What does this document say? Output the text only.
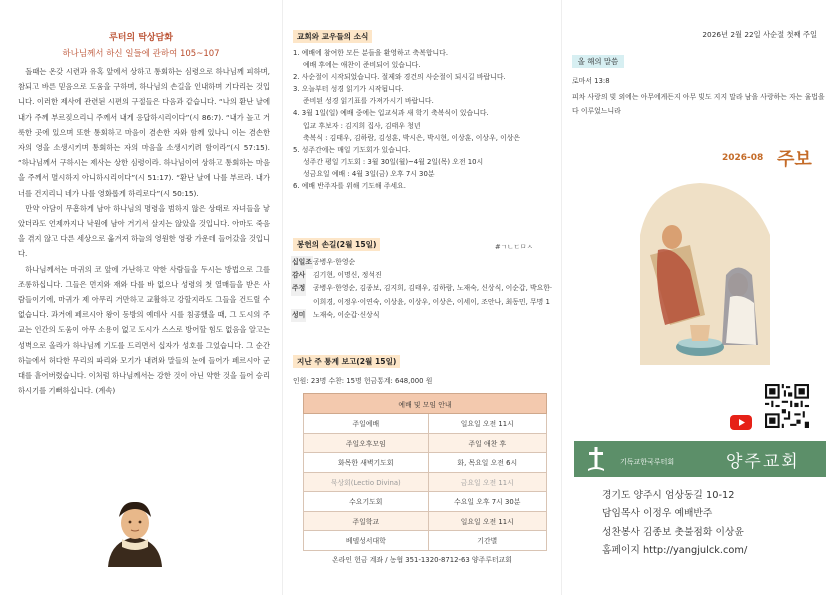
루터의 탁상담화
하나님께서 하신 일들에 관하여 105~107

돌때는 온갖 시련과 유혹 앞에서 상하고 통회하는 심령으로 하나님께 피하며, 참되고 바른 믿음으로 도움을 구하며, 하나님의 손길을 인내하며 기다리는 것입니다. 이러한 제사에 관련된 시편의 구절들은 다음과 같습니다. “나의 환난 날에 내가 주께 부르짖으리니 주께서 내게 응답하시리이다”(시 86:7). “내가 높고 거룩한 곳에 있으며 또한 통회하고 마음이 겸손한 자와 함께 있나니 이는 겸손한 자의 영을 소생시키며 통회하는 자의 마음을 소생시키려 함이라”(시 57:15). “하나님께서 구하시는 제사는 상한 심령이라. 하나님이여 상하고 통회하는 마음을 주께서 멸시하지 아니하시리이다”(시 51:17). “환난 날에 나를 부르라. 내가 너를 건지리니 네가 나를 영화롭게 하리로다”(시 50:15).

만약 아담이 무흠하게 남아 하나님의 명령을 범하지 않은 상태로 자녀들을 낳았더라도 언제까지나 낙원에 남아 거기서 살지는 않았을 것입니다. 아마도 죽음을 겪지 않고 다른 세상으로 옮겨져 하늘의 영원한 영광 가운데 들어갔을 것입니다.

하나님께서는 마귀의 코 앞에 가난하고 약한 사람들을 두시는 방법으로 그를 조롱하십니다. 그들은 먼지와 재와 다를 바 없으나 성령의 첫 열매들을 받은 사람들이기에, 마귀가 제 아무리 거만하고 교활하고 강할지라도 그들을 건드릴 수 없습니다. 과거에 페르시아 왕이 동방의 예데사 시를 침공했을 때, 그 도시의 주교는 인간의 도움이 아무 소용이 없고 도시가 스스로 방어할 힘도 없음을 알고는 성벽으로 올라가 하나님께 기도를 드리면서 십자가 성호를 그었습니다. 그 순간 하늘에서 허다한 무리의 파리와 모기가 내려와 말들의 눈에 들어가 페르시아 군대를 흩어버렸습니다. 이처럼 하나님께서는 강한 것이 아닌 약한 것을 들어 승리하시기를 기뻐하십니다. (계속)

교회와 교우들의 소식
1. 예배에 참여한 모든 분들을 환영하고 축복합니다.
예배 후에는 애찬이 준비되어 있습니다.
2. 사순절이 시작되었습니다. 절제와 경건의 사순절이 되시길 바랍니다.
3. 오늘부터 성경 읽기가 시작됩니다.
준비된 성경 읽기표를 가져가시기 바랍니다.
4. 3월 1일(일) 예배 중에는 입교식과 새 학기 축복식이 있습니다.
입교 후보자 : 김지희 집사, 김태우 청년
축복식 : 김태우, 김하람, 김성훈, 박시은, 박시현, 이상훈, 이상우, 이상은
5. 성주간에는 매일 기도회가 있습니다.
성주간 평일 기도회 : 3월 30일(월)~4월 2일(목) 오전 10시
성금요일 예배 : 4월 3일(금) 오후 7시 30분
6. 예배 반주자를 위해 기도해 주세요.
봉헌의 손길(2월 15일)	#ㄱㄴㄷㅁㅅ
십일조 공병우·한영순
감사 김기현, 이명신, 정석진
주정 공병우·한영순, 김종보, 김지희, 김태우, 김하람, 노재숙, 신상식, 이순갑, 박요한·이희경, 이정우·이연숙, 이상윤, 이상우, 이상은, 이세이, 조안나, 최동민, 무명 1
성미 노재숙, 이순갑·신상식
지난 주 통계 보고(2월 15일)
인원: 23명 수찬: 15명 헌금통계: 648,000 원
예배 및 모임 안내	
주일예배	일요일 오전 11시
주일오후모임	주일 애찬 후
화목한 새벽기도회	화, 목요일 오전 6시
묵상회(Lectio Divina)	금요일 오전 11시
수요기도회	수요일 오후 7시 30분
주일학교	일요일 오전 11시
베델성서대학	기간별
온라인 헌금 계좌 / 농협 351-1320-8712-63 양주루터교회
2026년 2월 22일 사순절 첫째 주일
올 해의 말씀
로마서 13:8
피차 사랑의 빚 외에는 아무에게든지 아무 빚도 지지 말라 남을 사랑하는 자는 율법을 다 이루었느니라
2026-08 주보
기독교한국루터회	양주교회
경기도 양주시 엄상동길 10-12
담임목사 이정우 예배반주
성찬봉사 김종보 촛불점화 이상윤
홈페이지 http://yangjulck.com/
